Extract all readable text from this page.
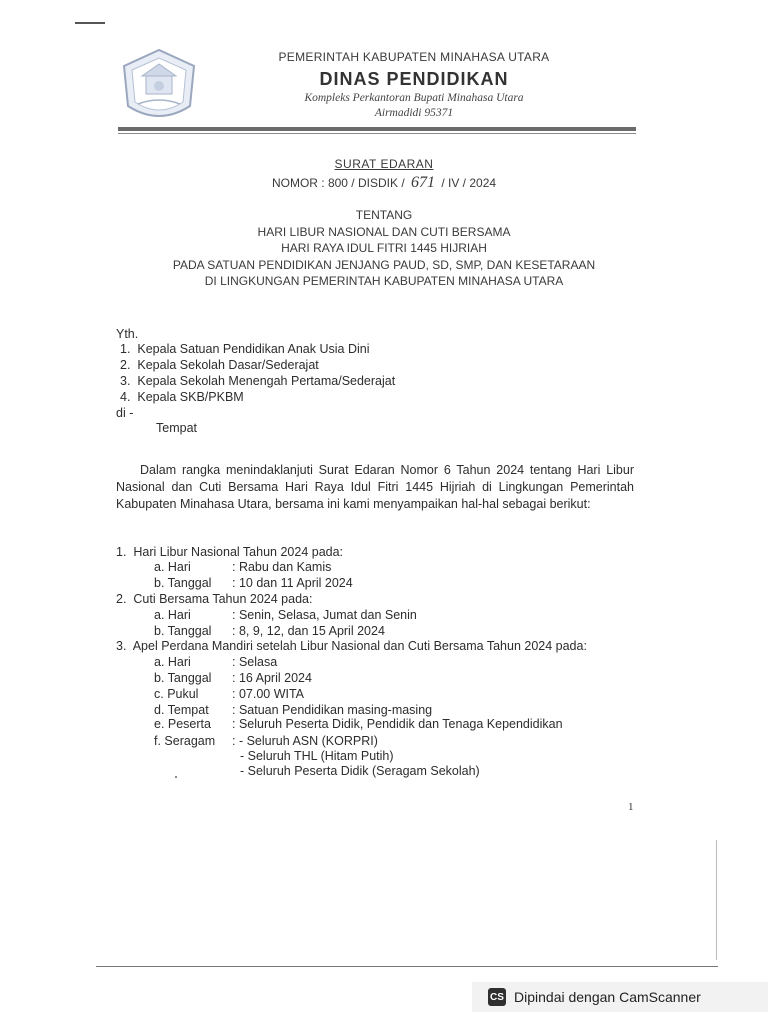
PEMERINTAH KABUPATEN MINAHASA UTARA
DINAS PENDIDIKAN
Kompleks Perkantoran Bupati Minahasa Utara
Airmadidi 95371
SURAT EDARAN
NOMOR : 800 / DISDIK / 671 / IV / 2024
TENTANG
HARI LIBUR NASIONAL DAN CUTI BERSAMA
HARI RAYA IDUL FITRI 1445 HIJRIAH
PADA SATUAN PENDIDIKAN JENJANG PAUD, SD, SMP, DAN KESETARAAN
DI LINGKUNGAN PEMERINTAH KABUPATEN MINAHASA UTARA
Yth.
1. Kepala Satuan Pendidikan Anak Usia Dini
2. Kepala Sekolah Dasar/Sederajat
3. Kepala Sekolah Menengah Pertama/Sederajat
4. Kepala SKB/PKBM
di -
Tempat
Dalam rangka menindaklanjuti Surat Edaran Nomor 6 Tahun 2024 tentang Hari Libur Nasional dan Cuti Bersama Hari Raya Idul Fitri 1445 Hijriah di Lingkungan Pemerintah Kabupaten Minahasa Utara, bersama ini kami menyampaikan hal-hal sebagai berikut:
1. Hari Libur Nasional Tahun 2024 pada:
a. Hari	: Rabu dan Kamis
b. Tanggal : 10 dan 11 April 2024
2. Cuti Bersama Tahun 2024 pada:
a. Hari	: Senin, Selasa, Jumat dan Senin
b. Tanggal : 8, 9, 12, dan 15 April 2024
3. Apel Perdana Mandiri setelah Libur Nasional dan Cuti Bersama Tahun 2024 pada:
a. Hari	: Selasa
b. Tanggal : 16 April 2024
c. Pukul	: 07.00 WITA
d. Tempat : Satuan Pendidikan masing-masing
e. Peserta : Seluruh Peserta Didik, Pendidik dan Tenaga Kependidikan
f. Seragam : - Seluruh ASN (KORPRI)
- Seluruh THL (Hitam Putih)
- Seluruh Peserta Didik (Seragam Sekolah)
1
CS Dipindai dengan CamScanner
